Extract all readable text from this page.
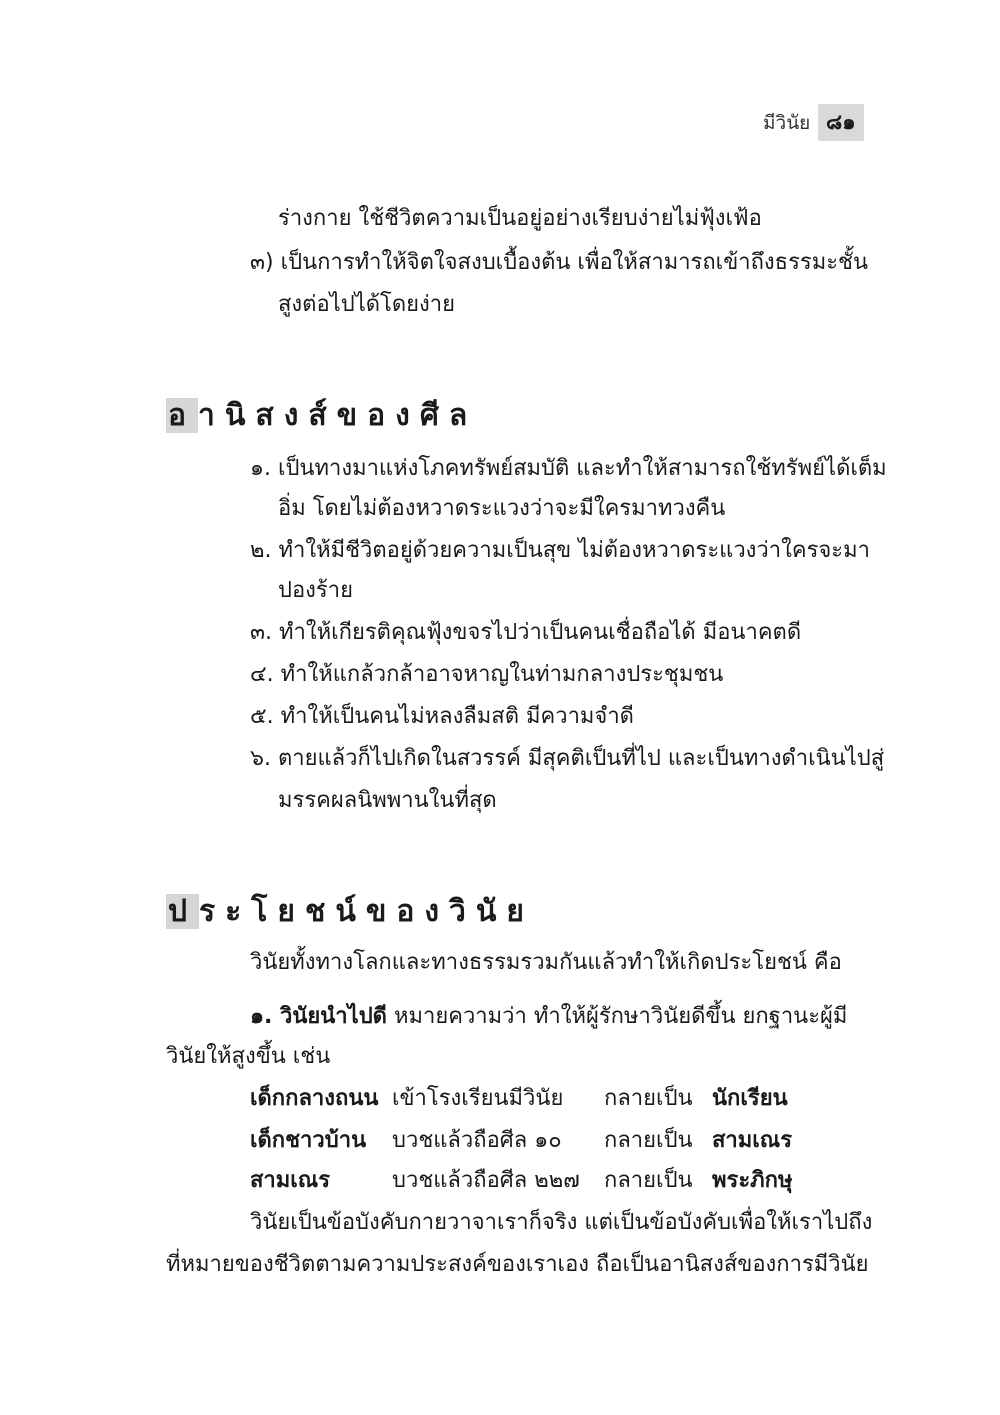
มีวินัย ๘๑
ร่างกาย ใช้ชีวิตความเป็นอยู่อย่างเรียบง่ายไม่ฟุ้งเฟ้อ
๓) เป็นการทำให้จิตใจสงบเบื้องต้น เพื่อให้สามารถเข้าถึงธรรมะชั้น
สูงต่อไปได้โดยง่าย
อานิสงส์ของศีล
๑. เป็นทางมาแห่งโภคทรัพย์สมบัติ และทำให้สามารถใช้ทรัพย์ได้เต็ม
อิ่ม โดยไม่ต้องหวาดระแวงว่าจะมีใครมาทวงคืน
๒. ทำให้มีชีวิตอยู่ด้วยความเป็นสุข ไม่ต้องหวาดระแวงว่าใครจะมา
ปองร้าย
๓. ทำให้เกียรติคุณฟุ้งขจรไปว่าเป็นคนเชื่อถือได้ มีอนาคตดี
๔. ทำให้แกล้วกล้าอาจหาญในท่ามกลางประชุมชน
๕. ทำให้เป็นคนไม่หลงลืมสติ มีความจำดี
๖. ตายแล้วก็ไปเกิดในสวรรค์ มีสุคติเป็นที่ไป และเป็นทางดำเนินไปสู่
มรรคผลนิพพานในที่สุด
ประโยชน์ของวินัย
วินัยทั้งทางโลกและทางธรรมรวมกันแล้วทำให้เกิดประโยชน์ คือ
๑. วินัยนำไปดี หมายความว่า ทำให้ผู้รักษาวินัยดีขึ้น ยกฐานะผู้มี
วินัยให้สูงขึ้น เช่น
เด็กกลางถนน เข้าโรงเรียนมีวินัย กลายเป็น นักเรียน
เด็กชาวบ้าน บวชแล้วถือศีล ๑๐ กลายเป็น สามเณร
สามเณร	บวชแล้วถือศีล ๒๒๗ กลายเป็น พระภิกษุ
วินัยเป็นข้อบังคับกายวาจาเราก็จริง แต่เป็นข้อบังคับเพื่อให้เราไปถึง
ที่หมายของชีวิตตามความประสงค์ของเราเอง ถือเป็นอานิสงส์ของการมีวินัย
